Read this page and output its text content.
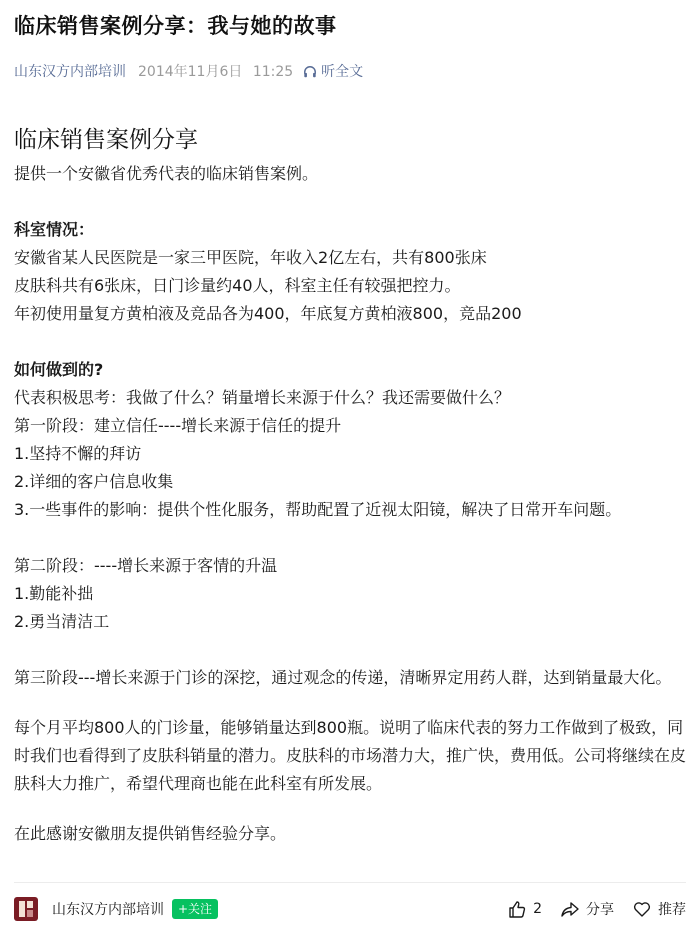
临床销售案例分享：我与她的故事
山东汉方内部培训 2014年11月6日 11:25 听全文
临床销售案例分享

提供一个安徽省优秀代表的临床销售案例。

科室情况：

安徽省某人民医院是一家三甲医院，年收入2亿左右，共有800张床

皮肤科共有6张床，日门诊量约40人，科室主任有较强把控力。

年初使用量复方黄柏液及竞品各为400，年底复方黄柏液800，竞品200

如何做到的?

代表积极思考：我做了什么？销量增长来源于什么？我还需要做什么？

第一阶段：建立信任----增长来源于信任的提升

1.坚持不懈的拜访

2.详细的客户信息收集

3.一些事件的影响：提供个性化服务，帮助配置了近视太阳镜，解决了日常开车问题。

第二阶段：----增长来源于客情的升温

1.勤能补拙

2.勇当清洁工

第三阶段---增长来源于门诊的深挖，通过观念的传递，清晰界定用药人群，达到销量最大化。

每个月平均800人的门诊量，能够销量达到800瓶。说明了临床代表的努力工作做到了极致，同时我们也看得到了皮肤科销量的潜力。皮肤科的市场潜力大，推广快，费用低。公司将继续在皮肤科大力推广，希望代理商也能在此科室有所发展。

在此感谢安徽朋友提供销售经验分享。

山东汉方内部培训	+关注	2	分享	推荐
